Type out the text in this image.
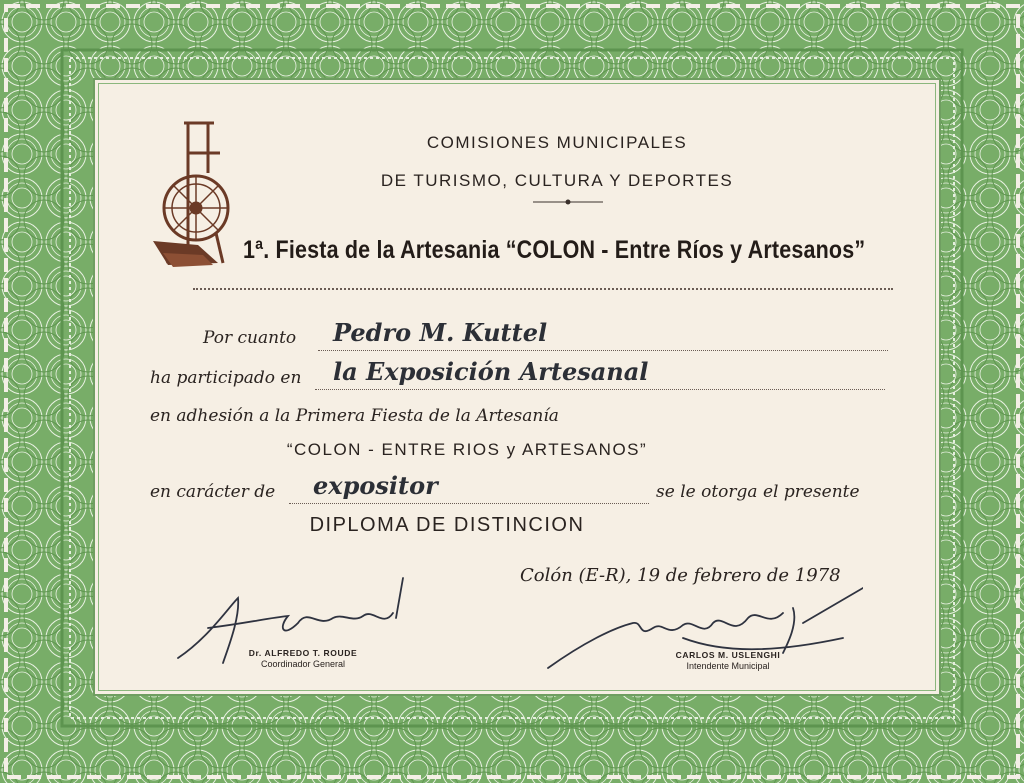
COMISIONES MUNICIPALES
DE TURISMO, CULTURA Y DEPORTES
1ª. Fiesta de la Artesania “COLON - Entre Ríos y Artesanos”
Por cuanto Pedro M. Kuttel
ha participado en la Exposición Artesanal
en adhesión a la Primera Fiesta de la Artesanía
“COLON - ENTRE RIOS y ARTESANOS”
en carácter de expositor	se le otorga el presente
DIPLOMA DE DISTINCION
Colón (E-R), 19 de febrero de 1978
Dr. ALFREDO T. ROUDE
Coordinador General
CARLOS M. USLENGHI
Intendente Municipal
